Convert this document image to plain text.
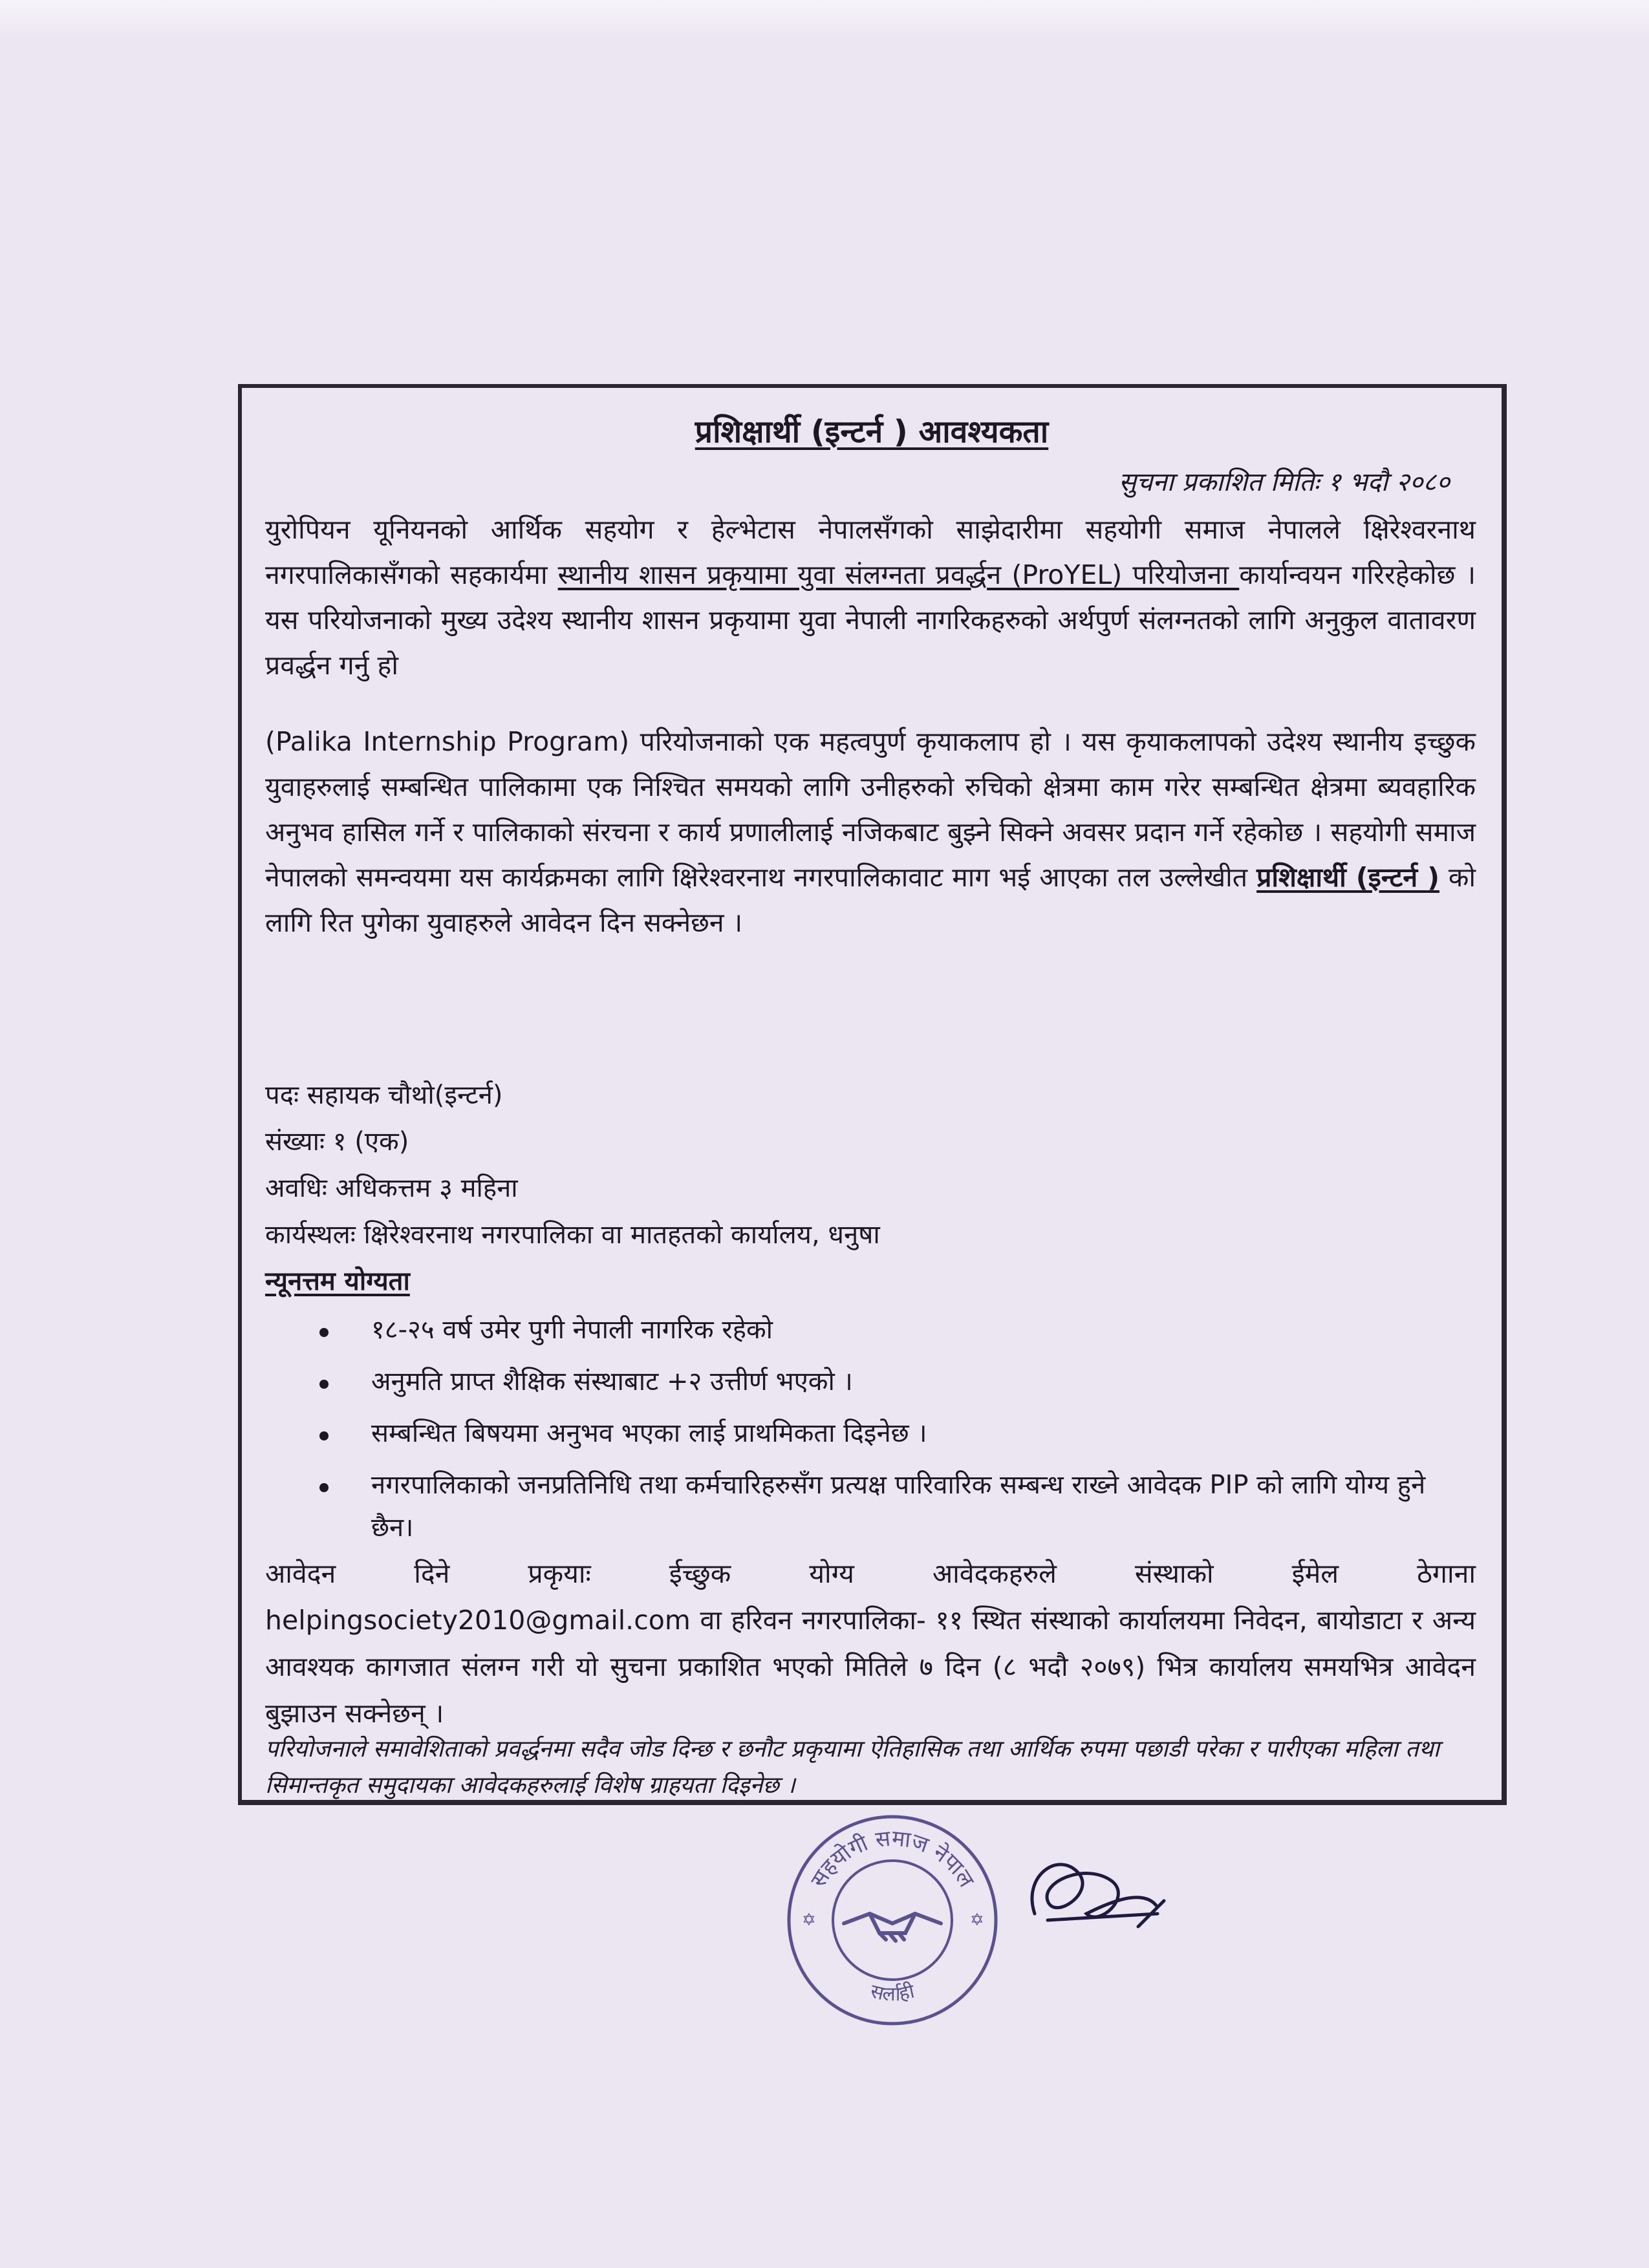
प्रशिक्षार्थी (इन्टर्न ) आवश्यकता
सुचना प्रकाशित मितिः १ भदौ २०८०
युरोपियन यूनियनको आर्थिक सहयोग र हेल्भेटास नेपालसँगको साझेदारीमा सहयोगी समाज नेपालले क्षिरेश्वरनाथ नगरपालिकासँगको सहकार्यमा स्थानीय शासन प्रकृयामा युवा संलग्नता प्रवर्द्धन (ProYEL) परियोजना कार्यान्वयन गरिरहेकोछ । यस परियोजनाको मुख्य उदेश्य स्थानीय शासन प्रकृयामा युवा नेपाली नागरिकहरुको अर्थपुर्ण संलग्नतको लागि अनुकुल वातावरण प्रवर्द्धन गर्नु हो
(Palika Internship Program) परियोजनाको एक महत्वपुर्ण कृयाकलाप हो । यस कृयाकलापको उदेश्य स्थानीय इच्छुक युवाहरुलाई सम्बन्धित पालिकामा एक निश्चित समयको लागि उनीहरुको रुचिको क्षेत्रमा काम गरेर सम्बन्धित क्षेत्रमा ब्यवहारिक अनुभव हासिल गर्ने र पालिकाको संरचना र कार्य प्रणालीलाई नजिकबाट बुझ्ने सिक्ने अवसर प्रदान गर्ने रहेकोछ । सहयोगी समाज नेपालको समन्वयमा यस कार्यक्रमका लागि क्षिरेश्वरनाथ नगरपालिकावाट माग भई आएका तल उल्लेखीत प्रशिक्षार्थी (इन्टर्न ) को लागि रित पुगेका युवाहरुले आवेदन दिन सक्नेछन ।
पदः सहायक चौथो(इन्टर्न)
संख्याः १ (एक)
अवधिः अधिकत्तम ३ महिना
कार्यस्थलः क्षिरेश्वरनाथ नगरपालिका वा मातहतको कार्यालय, धनुषा
न्यूनत्तम योग्यता
१८-२५ वर्ष उमेर पुगी नेपाली नागरिक रहेको
अनुमति प्राप्त शैक्षिक संस्थाबाट +२ उत्तीर्ण भएको ।
सम्बन्धित बिषयमा अनुभव भएका लाई प्राथमिकता दिइनेछ ।
नगरपालिकाको जनप्रतिनिधि तथा कर्मचारिहरुसँग प्रत्यक्ष पारिवारिक सम्बन्ध राख्ने आवेदक PIP को लागि योग्य हुने छैन।
आवेदन	दिने	प्रकृयाः	ईच्छुक	योग्य	आवेदकहरुले	संस्थाको	ईमेल	ठेगाना
helpingsociety2010@gmail.com वा हरिवन नगरपालिका- ११ स्थित संस्थाको कार्यालयमा निवेदन, बायोडाटा र अन्य आवश्यक कागजात संलग्न गरी यो सुचना प्रकाशित भएको मितिले ७ दिन (८ भदौ २०७९) भित्र कार्यालय समयभित्र आवेदन बुझाउन सक्नेछन् ।
परियोजनाले समावेशिताको प्रवर्द्धनमा सदैव जोड दिन्छ र छनौट प्रकृयामा ऐतिहासिक तथा आर्थिक रुपमा पछाडी परेका र पारीएका महिला तथा सिमान्तकृत समुदायका आवेदकहरुलाई विशेष ग्राहयता दिइनेछ ।
सहयोगी समाज नेपाल
सर्लाही
✡	✡
